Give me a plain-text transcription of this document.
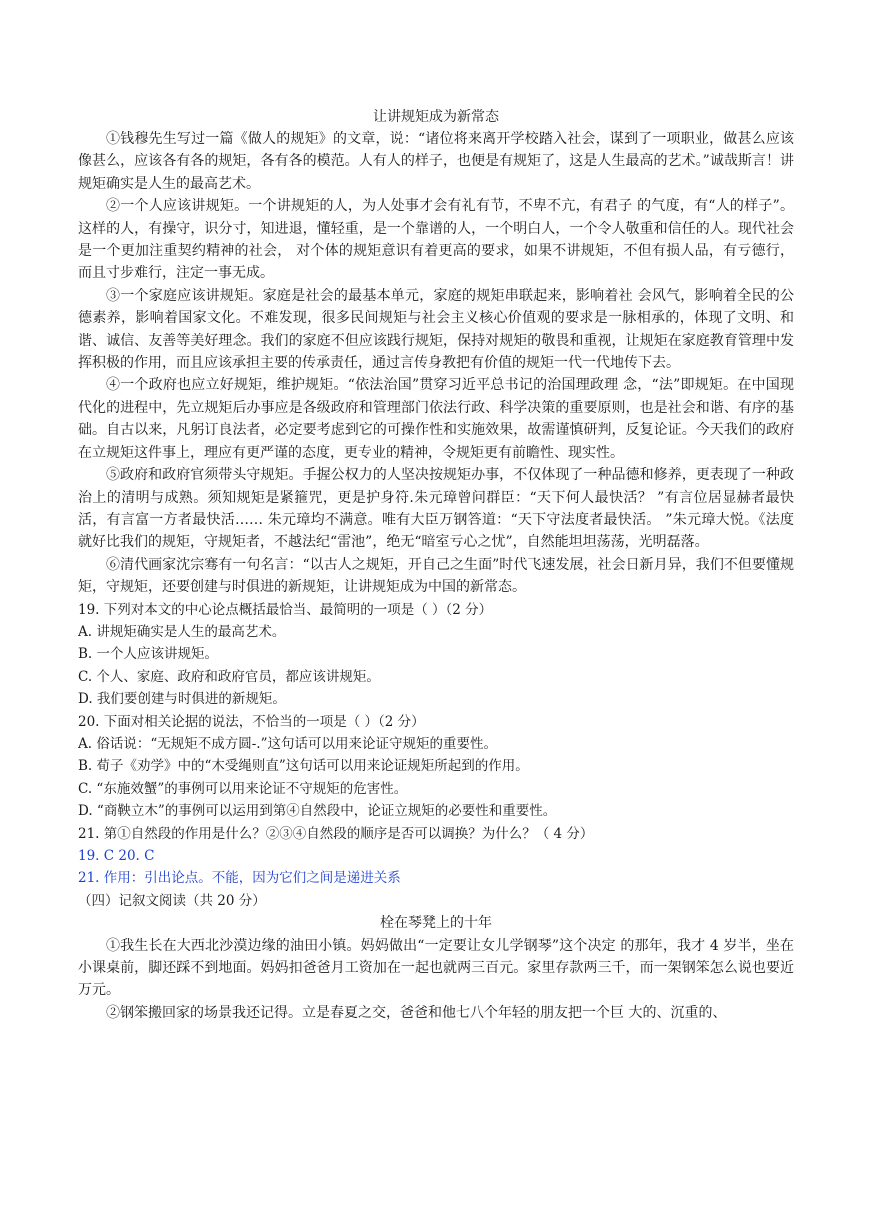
让讲规矩成为新常态

①钱穆先生写过一篇《做人的规矩》的文章，说：“诸位将来离开学校踏入社会，谋到了一项职业，做甚么应该像甚么，应该各有各的规矩，各有各的模范。人有人的样子，也便是有规矩了，这是人生最高的艺术。”诚哉斯言！讲规矩确实是人生的最高艺术。

②一个人应该讲规矩。一个讲规矩的人，为人处事才会有礼有节，不卑不亢，有君子 的气度，有“人的样子”。这样的人，有操守，识分寸，知进退，懂轻重，是一个靠谱的人，一个明白人，一个令人敬重和信任的人。现代社会是一个更加注重契约精神的社会， 对个体的规矩意识有着更高的要求，如果不讲规矩，不但有损人品，有亏德行，而且寸步难行，注定一事无成。

③一个家庭应该讲规矩。家庭是社会的最基本单元，家庭的规矩串联起来，影响着社 会风气，影响着全民的公德素养，影响着国家文化。不难发现，很多民间规矩与社会主义核心价值观的要求是一脉相承的，体现了文明、和谐、诚信、友善等美好理念。我们的家庭不但应该践行规矩，保持对规矩的敬畏和重视，让规矩在家庭教育管理中发挥积极的作用，而且应该承担主要的传承责任，通过言传身教把有价值的规矩一代一代地传下去。

④一个政府也应立好规矩，维护规矩。“依法治国”贯穿习近平总书记的治国理政理 念，“法”即规矩。在中国现代化的进程中，先立规矩后办事应是各级政府和管理部门依法行政、科学决策的重要原则，也是社会和谐、有序的基础。自古以来，凡躬订良法者，必定要考虑到它的可操作性和实施效果，故需谨慎研判，反复论证。今天我们的政府在立规矩这件事上，理应有更严谨的态度，更专业的精神，令规矩更有前瞻性、现实性。

⑤政府和政府官须带头守规矩。手握公权力的人坚决按规矩办事，不仅体现了一种品德和修养，更表现了一种政治上的清明与成熟。须知规矩是紧箍咒，更是护身符.朱元璋曾问群臣：“天下何人最快活？ ”有言位居显赫者最快活，有言富一方者最快活…… 朱元璋均不满意。唯有大臣万钢答道：“天下守法度者最快活。 ”朱元璋大悦。《法度就好比我们的规矩，守规矩者，不越法纪“雷池”，绝无“暗室亏心之忧”，自然能坦坦荡荡，光明磊落。

⑥清代画家沈宗骞有一句名言：“以古人之规矩，开自己之生面”时代飞速发展，社会日新月异，我们不但要懂规矩，守规矩，还要创建与时俱进的新规矩，让讲规矩成为中国的新常态。

19. 下列对本文的中心论点概括最恰当、最简明的一项是（ ）（2 分）

A. 讲规矩确实是人生的最高艺术。

B. 一个人应该讲规矩。

C. 个人、家庭、政府和政府官员，都应该讲规矩。

D. 我们要创建与时俱进的新规矩。

20. 下面对相关论据的说法，不恰当的一项是（ ）（2 分）

A. 俗话说：“无规矩不成方圆-.”这句话可以用来论证守规矩的重要性。

B. 荀子《劝学》中的“木受绳则直”这句话可以用来论证规矩所起到的作用。

C. “东施效蟹”的事例可以用来论证不守规矩的危害性。

D. “商鞅立木”的事例可以运用到第④自然段中，论证立规矩的必要性和重要性。

21. 第①自然段的作用是什么？②③④自然段的顺序是否可以调换？为什么？（ 4 分）

19. C 20. C

21. 作用：引出论点。不能，因为它们之间是递进关系

（四）记叙文阅读（共 20 分）

栓在琴凳上的十年

①我生长在大西北沙漠边缘的油田小镇。妈妈做出“一定要让女儿学钢琴”这个决定 的那年，我才 4 岁半，坐在小课桌前，脚还踩不到地面。妈妈扣爸爸月工资加在一起也就两三百元。家里存款两三千，而一架钢笨怎么说也要近万元。

②钢笨搬回家的场景我还记得。立是春夏之交，爸爸和他七八个年轻的朋友把一个巨 大的、沉重的、
